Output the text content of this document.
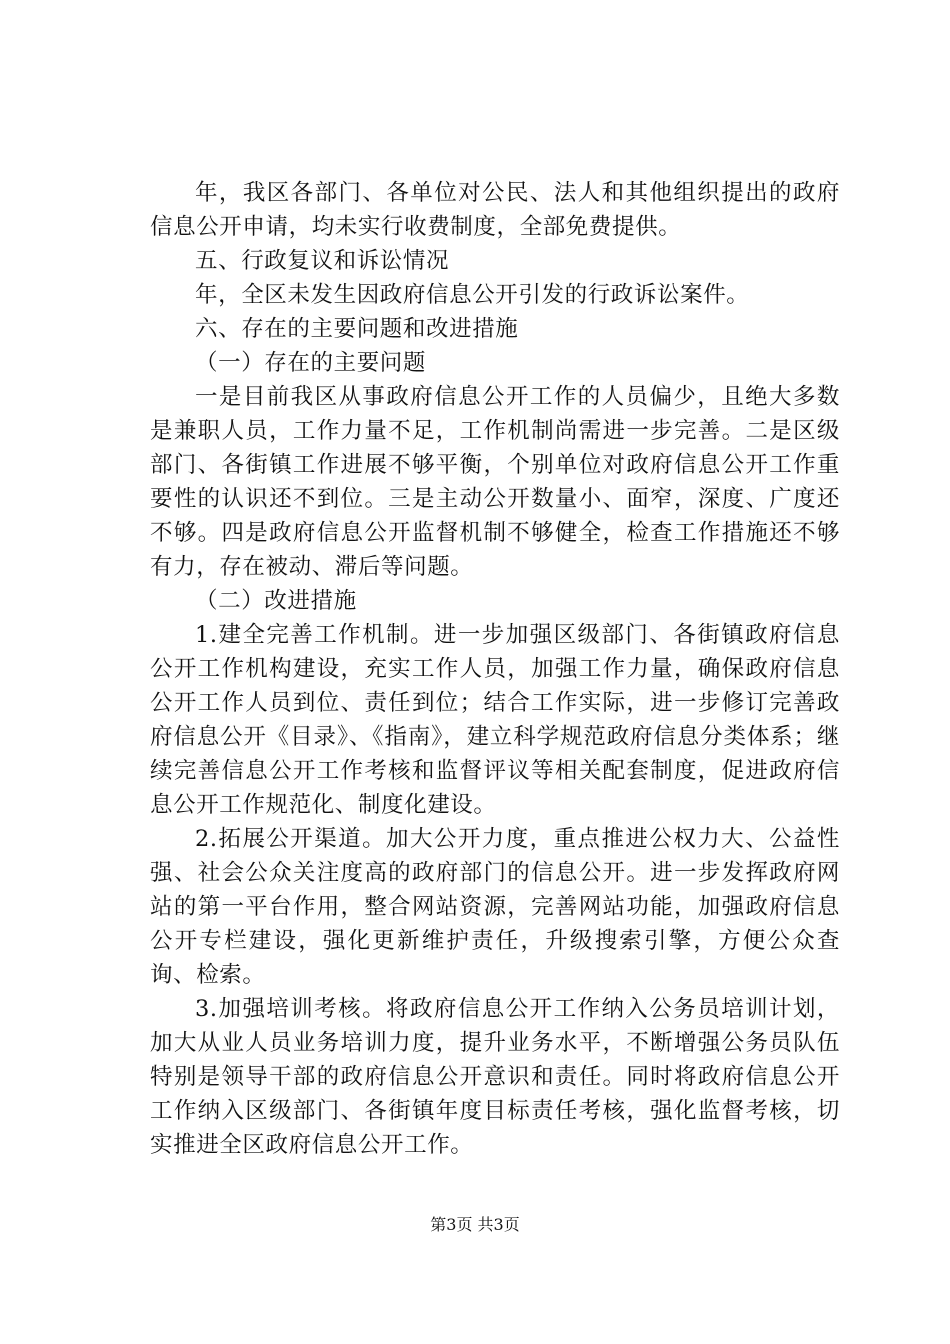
年，我区各部门、各单位对公民、法人和其他组织提出的政府信息公开申请，均未实行收费制度，全部免费提供。

五、行政复议和诉讼情况

年，全区未发生因政府信息公开引发的行政诉讼案件。

六、存在的主要问题和改进措施

（一）存在的主要问题

一是目前我区从事政府信息公开工作的人员偏少，且绝大多数是兼职人员，工作力量不足，工作机制尚需进一步完善。二是区级部门、各街镇工作进展不够平衡，个别单位对政府信息公开工作重要性的认识还不到位。三是主动公开数量小、面窄，深度、广度还不够。四是政府信息公开监督机制不够健全，检查工作措施还不够有力，存在被动、滞后等问题。

（二）改进措施

1.建全完善工作机制。进一步加强区级部门、各街镇政府信息公开工作机构建设，充实工作人员，加强工作力量，确保政府信息公开工作人员到位、责任到位；结合工作实际，进一步修订完善政府信息公开《目录》、《指南》，建立科学规范政府信息分类体系；继续完善信息公开工作考核和监督评议等相关配套制度，促进政府信息公开工作规范化、制度化建设。

2.拓展公开渠道。加大公开力度，重点推进公权力大、公益性强、社会公众关注度高的政府部门的信息公开。进一步发挥政府网站的第一平台作用，整合网站资源，完善网站功能，加强政府信息公开专栏建设，强化更新维护责任，升级搜索引擎，方便公众查询、检索。

3.加强培训考核。将政府信息公开工作纳入公务员培训计划，加大从业人员业务培训力度，提升业务水平，不断增强公务员队伍特别是领导干部的政府信息公开意识和责任。同时将政府信息公开工作纳入区级部门、各街镇年度目标责任考核，强化监督考核，切实推进全区政府信息公开工作。

第3页 共3页
